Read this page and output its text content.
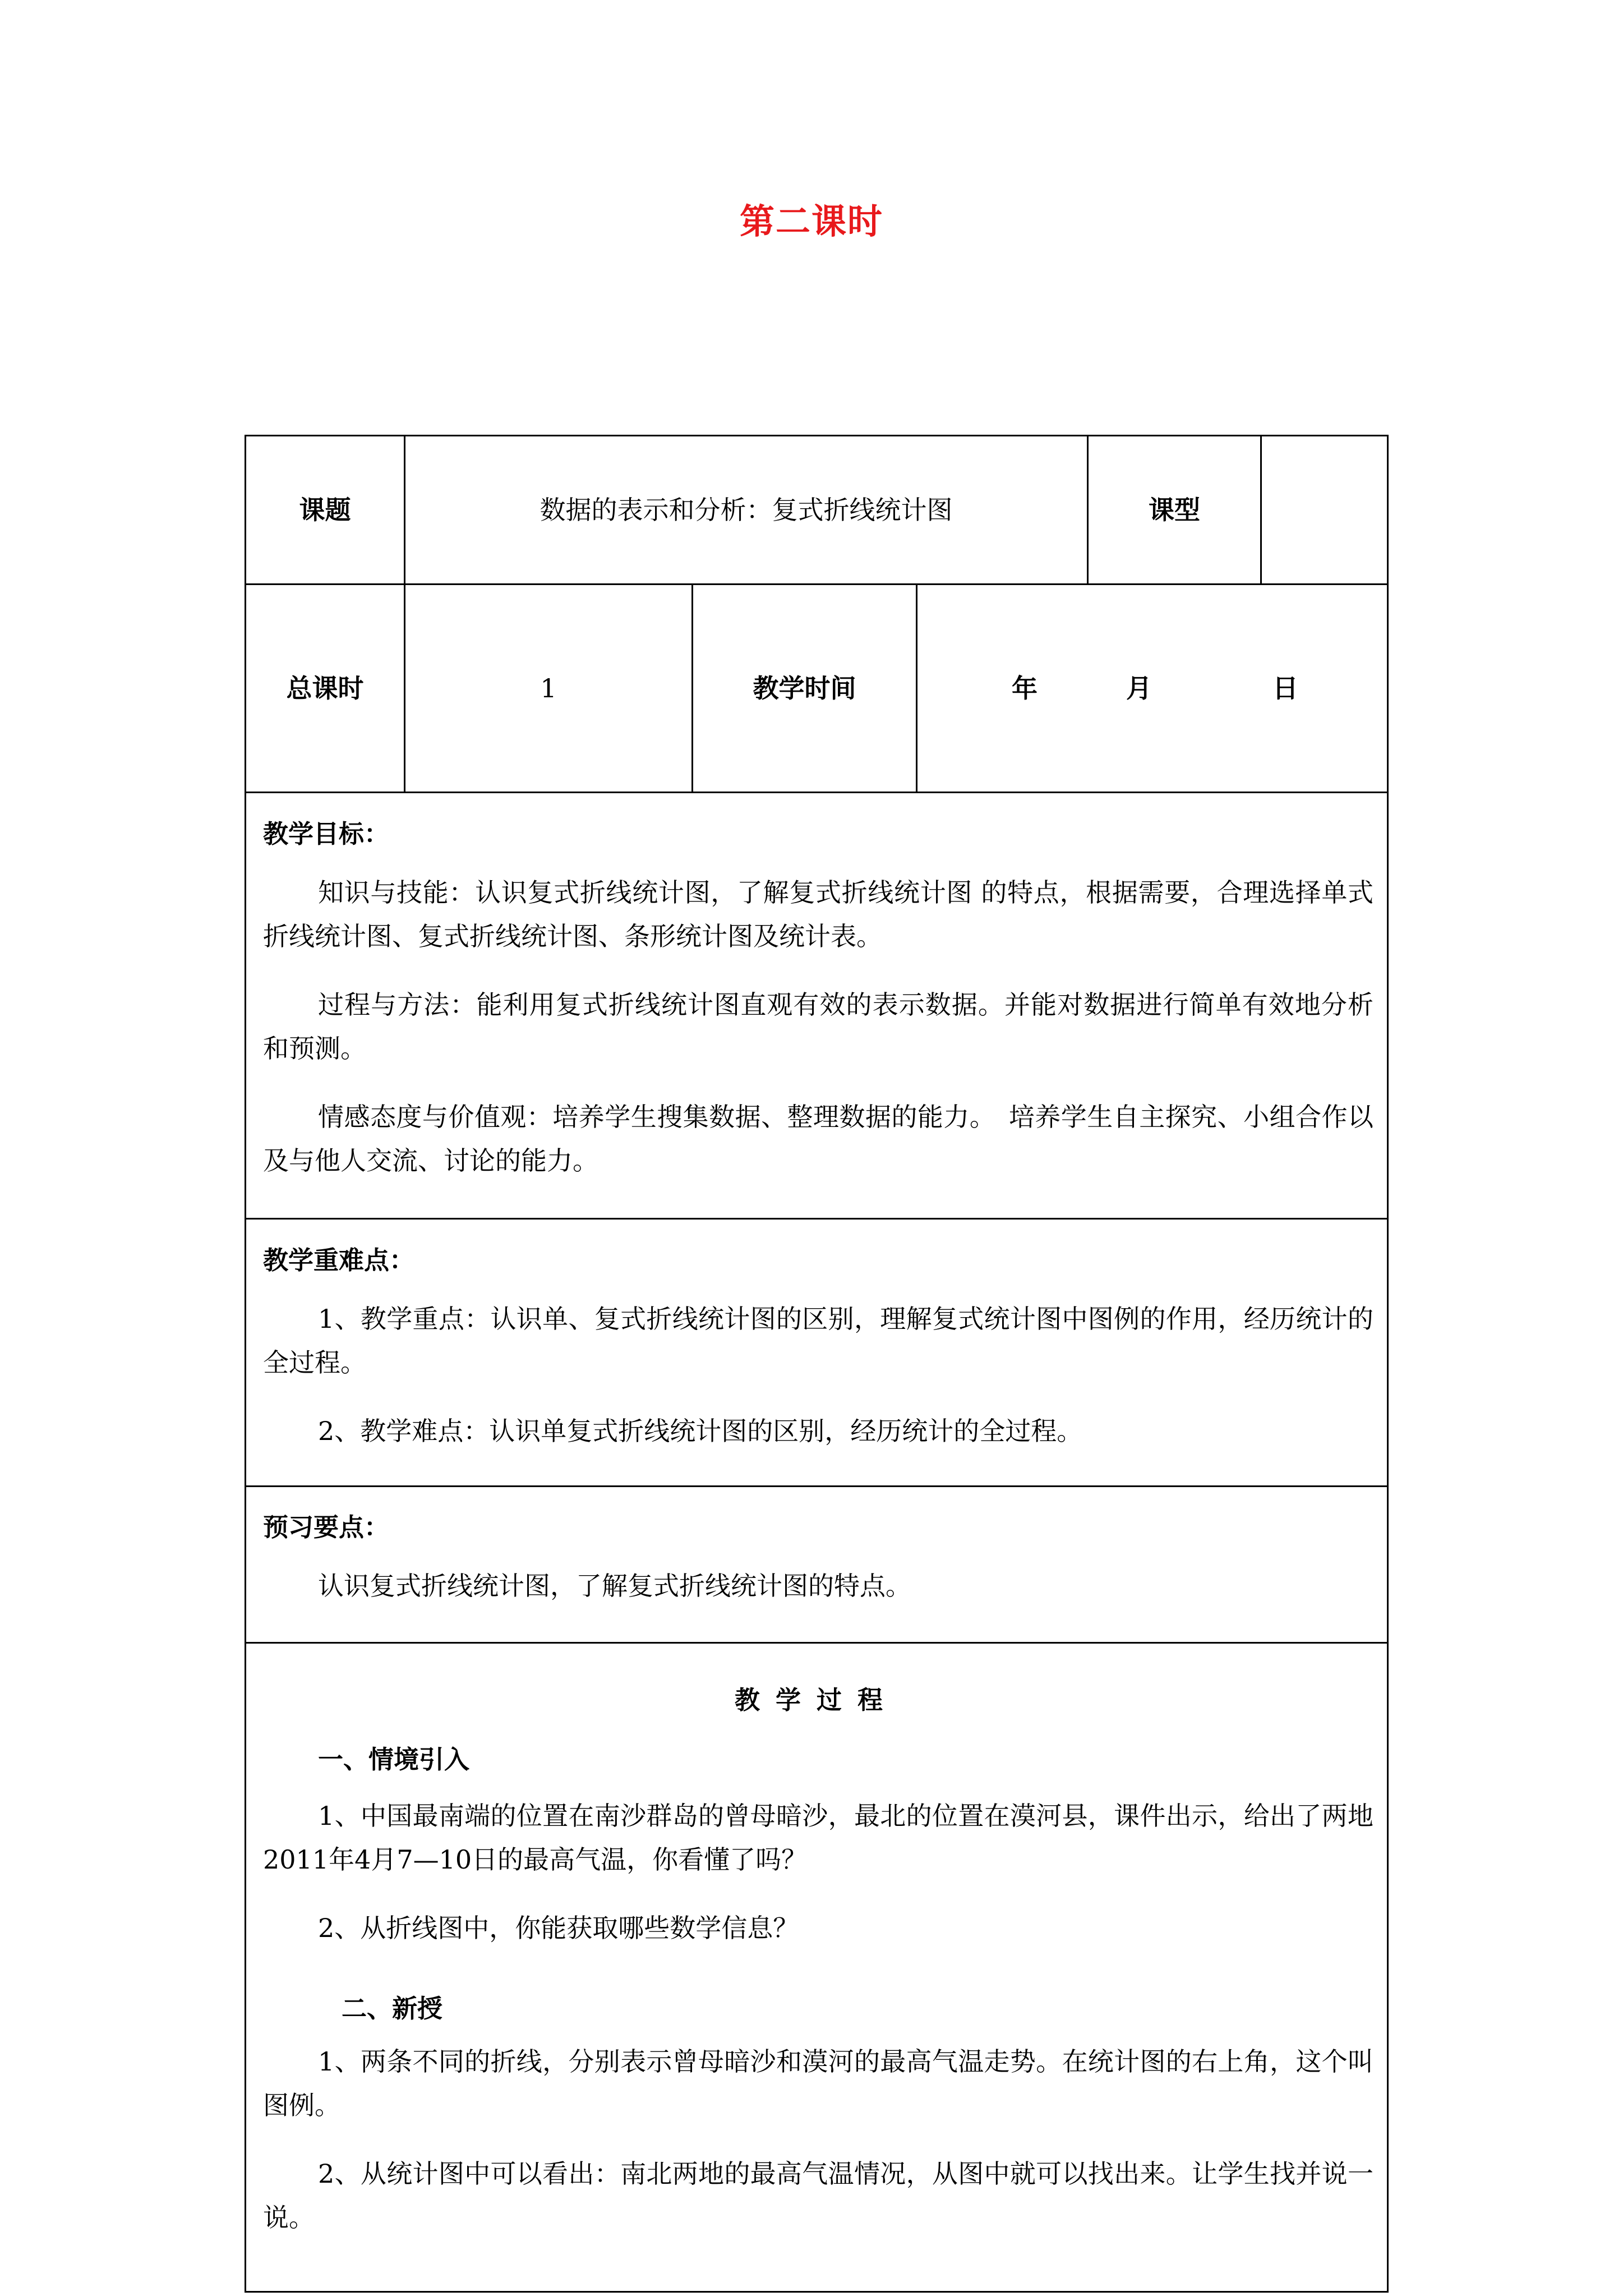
第二课时
课题	数据的表示和分析：复式折线统计图	课型
总课时	1	教学时间	年	月	日

教学目标：

知识与技能：认识复式折线统计图，了解复式折线统计图 的特点，根据需要，合理选择单式折线统计图、复式折线统计图、条形统计图及统计表。

过程与方法：能利用复式折线统计图直观有效的表示数据。并能对数据进行简单有效地分析和预测。

情感态度与价值观：培养学生搜集数据、整理数据的能力。　培养学生自主探究、小组合作以及与他人交流、讨论的能力。

教学重难点：

1、教学重点：认识单、复式折线统计图的区别，理解复式统计图中图例的作用，经历统计的全过程。

2、教学难点：认识单复式折线统计图的区别，经历统计的全过程。

预习要点：

认识复式折线统计图，了解复式折线统计图的特点。

教学过程
一、情境引入

1、中国最南端的位置在南沙群岛的曾母暗沙，最北的位置在漠河县，课件出示，给出了两地2011年4月7—10日的最高气温，你看懂了吗？

2、从折线图中，你能获取哪些数学信息？

二、新授

1、两条不同的折线，分别表示曾母暗沙和漠河的最高气温走势。在统计图的右上角，这个叫图例。

2、从统计图中可以看出：南北两地的最高气温情况，从图中就可以找出来。让学生找并说一说。
